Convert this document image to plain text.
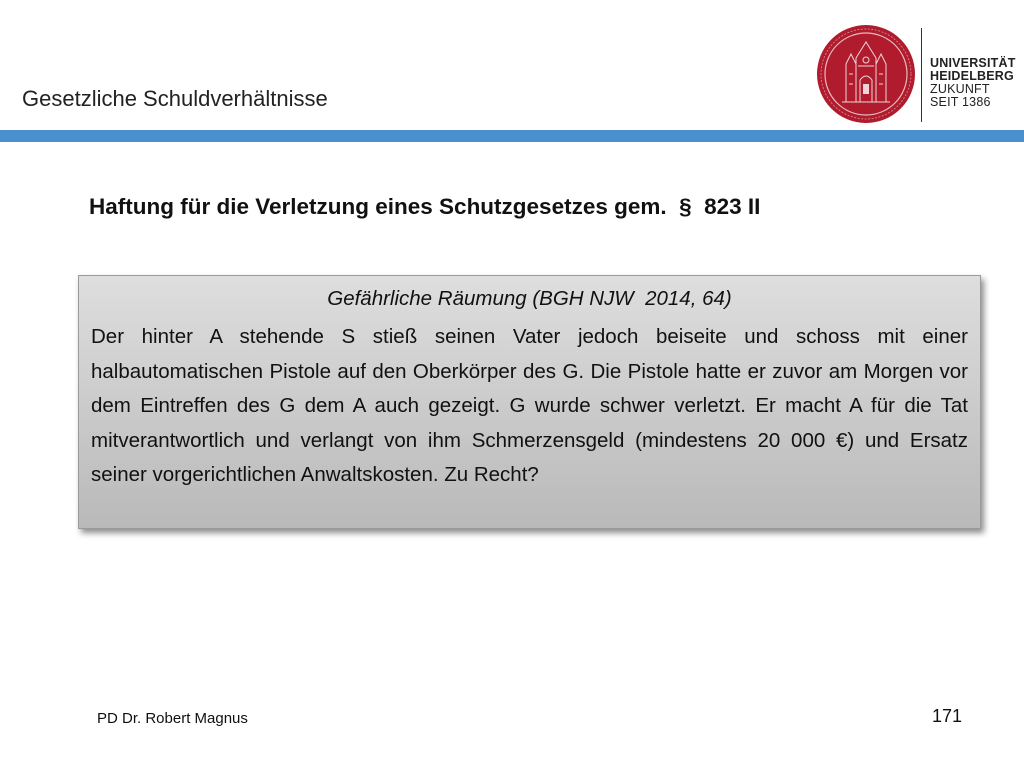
Gesetzliche Schuldverhältnisse
UNIVERSITÄT
HEIDELBERG
ZUKUNFT
SEIT 1386
Haftung für die Verletzung eines Schutzgesetzes gem.  §  823 II
Gefährliche Räumung (BGH NJW  2014, 64)
Der hinter A stehende S stieß seinen Vater jedoch beiseite und schoss mit einer halbautomatischen Pistole auf den Oberkörper des G. Die Pistole hatte er zuvor am Morgen vor dem Eintreffen des G dem A auch gezeigt. G wurde schwer verletzt. Er macht A für die Tat mitverantwortlich und verlangt von ihm Schmerzensgeld (mindestens 20 000 €) und Ersatz seiner vorgerichtlichen Anwaltskosten. Zu Recht?
PD Dr. Robert Magnus	171
